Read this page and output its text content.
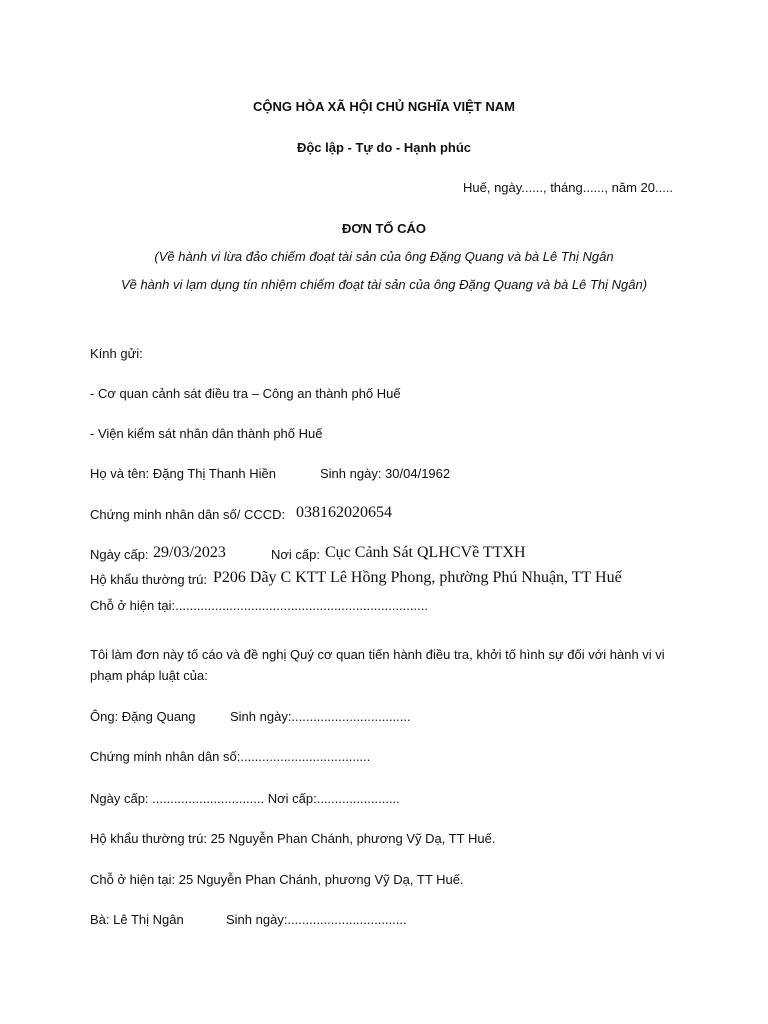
CỘNG HÒA XÃ HỘI CHỦ NGHĨA VIỆT NAM
Độc lập - Tự do - Hạnh phúc
Huế, ngày......, tháng......, năm 20.....
ĐƠN TỐ CÁO
(Về hành vi lừa đảo chiếm đoạt tài sản của ông Đặng Quang và bà Lê Thị Ngân
Về hành vi lạm dụng tín nhiệm chiếm đoạt tài sản của ông Đặng Quang và bà Lê Thị Ngân)
Kính gửi:
- Cơ quan cảnh sát điều tra – Công an thành phố Huế
- Viện kiểm sát nhân dân thành phố Huế
Họ và tên: Đặng Thị Thanh Hiền	Sinh ngày: 30/04/1962
Chứng minh nhân dân số/ CCCD: 038162020654
Ngày cấp: 29/03/2023	Nơi cấp: Cục Cảnh Sát QLHCVề TTXH
Hộ khẩu thường trú: P206 Dãy C KTT Lê Hồng Phong, phường Phú Nhuận, TT Huế
Chỗ ở hiện tại:......................................................................
Tôi làm đơn này tố cáo và đề nghị Quý cơ quan tiến hành điều tra, khởi tố hình sự đối với hành vi vi
phạm pháp luật của:
Ông: Đặng Quang	Sinh ngày:.................................
Chứng minh nhân dân số:....................................
Ngày cấp: ............................... Nơi cấp:.......................
Hộ khẩu thường trú: 25 Nguyễn Phan Chánh, phương Vỹ Dạ, TT Huế.
Chỗ ở hiện tại: 25 Nguyễn Phan Chánh, phương Vỹ Dạ, TT Huế.
Bà: Lê Thị Ngân	Sinh ngày:.................................
